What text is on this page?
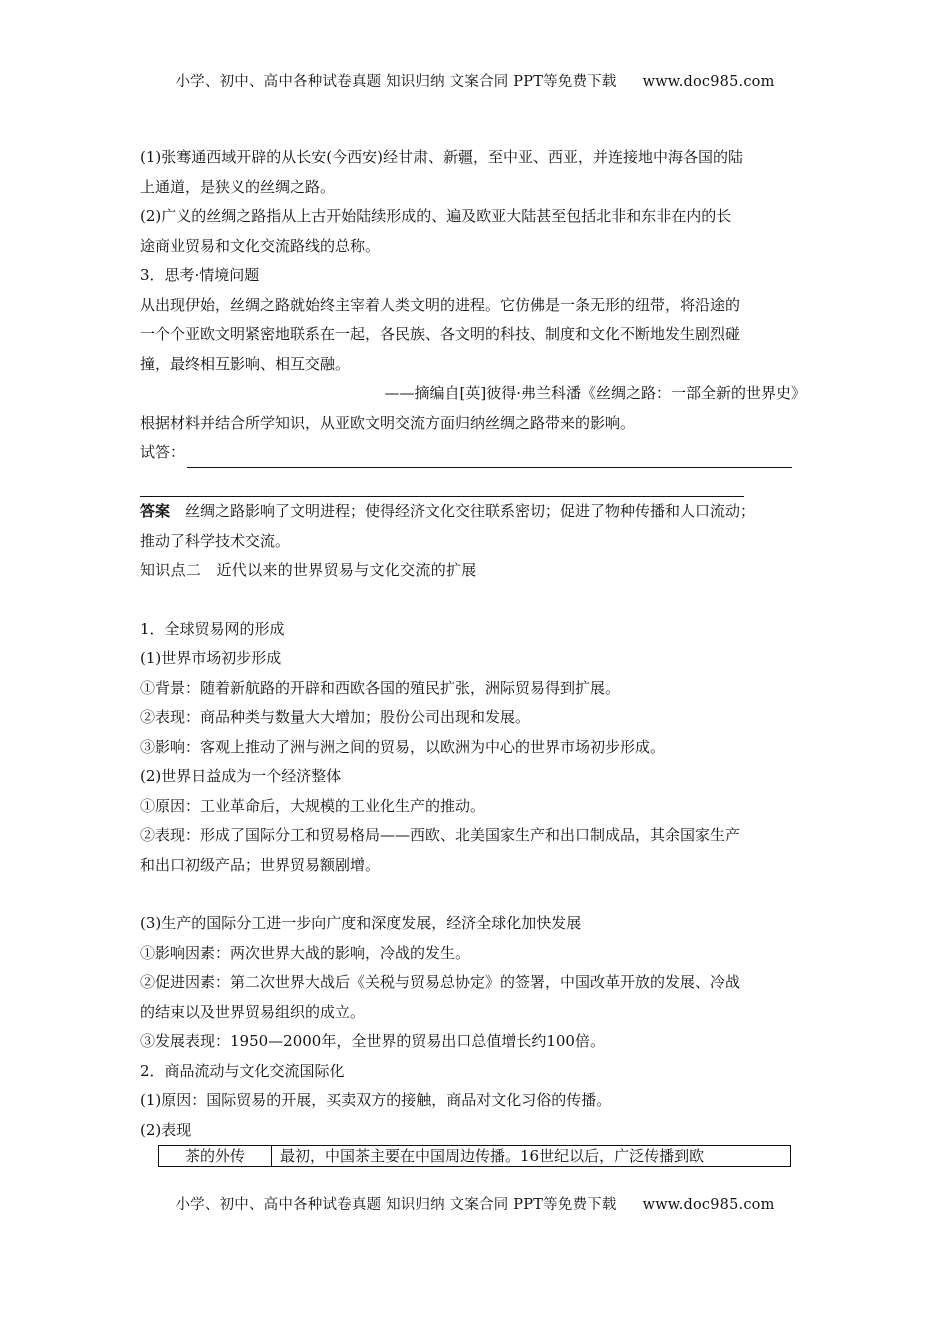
小学、初中、高中各种试卷真题 知识归纳 文案合同 PPT等免费下载 www.doc985.com

(1)张骞通西域开辟的从长安(今西安)经甘肃、新疆，至中亚、西亚，并连接地中海各国的陆

上通道，是狭义的丝绸之路。

(2)广义的丝绸之路指从上古开始陆续形成的、遍及欧亚大陆甚至包括北非和东非在内的长

途商业贸易和文化交流路线的总称。

3．思考·情境问题

从出现伊始，丝绸之路就始终主宰着人类文明的进程。它仿佛是一条无形的纽带，将沿途的

一个个亚欧文明紧密地联系在一起，各民族、各文明的科技、制度和文化不断地发生剧烈碰

撞，最终相互影响、相互交融。

——摘编自[英]彼得·弗兰科潘《丝绸之路：一部全新的世界史》

根据材料并结合所学知识，从亚欧文明交流方面归纳丝绸之路带来的影响。

试答：

答案　 丝绸之路影响了文明进程；使得经济文化交往联系密切；促进了物种传播和人口流动；

推动了科学技术交流。

知识点二　近代以来的世界贸易与文化交流的扩展

1．全球贸易网的形成

(1)世界市场初步形成

①背景：随着新航路的开辟和西欧各国的殖民扩张，洲际贸易得到扩展。

②表现：商品种类与数量大大增加；股份公司出现和发展。

③影响：客观上推动了洲与洲之间的贸易，以欧洲为中心的世界市场初步形成。

(2)世界日益成为一个经济整体

①原因：工业革命后，大规模的工业化生产的推动。

②表现：形成了国际分工和贸易格局——西欧、北美国家生产和出口制成品，其余国家生产

和出口初级产品；世界贸易额剧增。

(3)生产的国际分工进一步向广度和深度发展，经济全球化加快发展

①影响因素：两次世界大战的影响，冷战的发生。

②促进因素：第二次世界大战后《关税与贸易总协定》的签署，中国改革开放的发展、冷战

的结束以及世界贸易组织的成立。

③发展表现：1950—2000年，全世界的贸易出口总值增长约100倍。

2．商品流动与文化交流国际化

(1)原因：国际贸易的开展，买卖双方的接触，商品对文化习俗的传播。

(2)表现

茶的外传	最初，中国茶主要在中国周边传播。16世纪以后，广泛传播到欧
小学、初中、高中各种试卷真题 知识归纳 文案合同 PPT等免费下载 www.doc985.com
